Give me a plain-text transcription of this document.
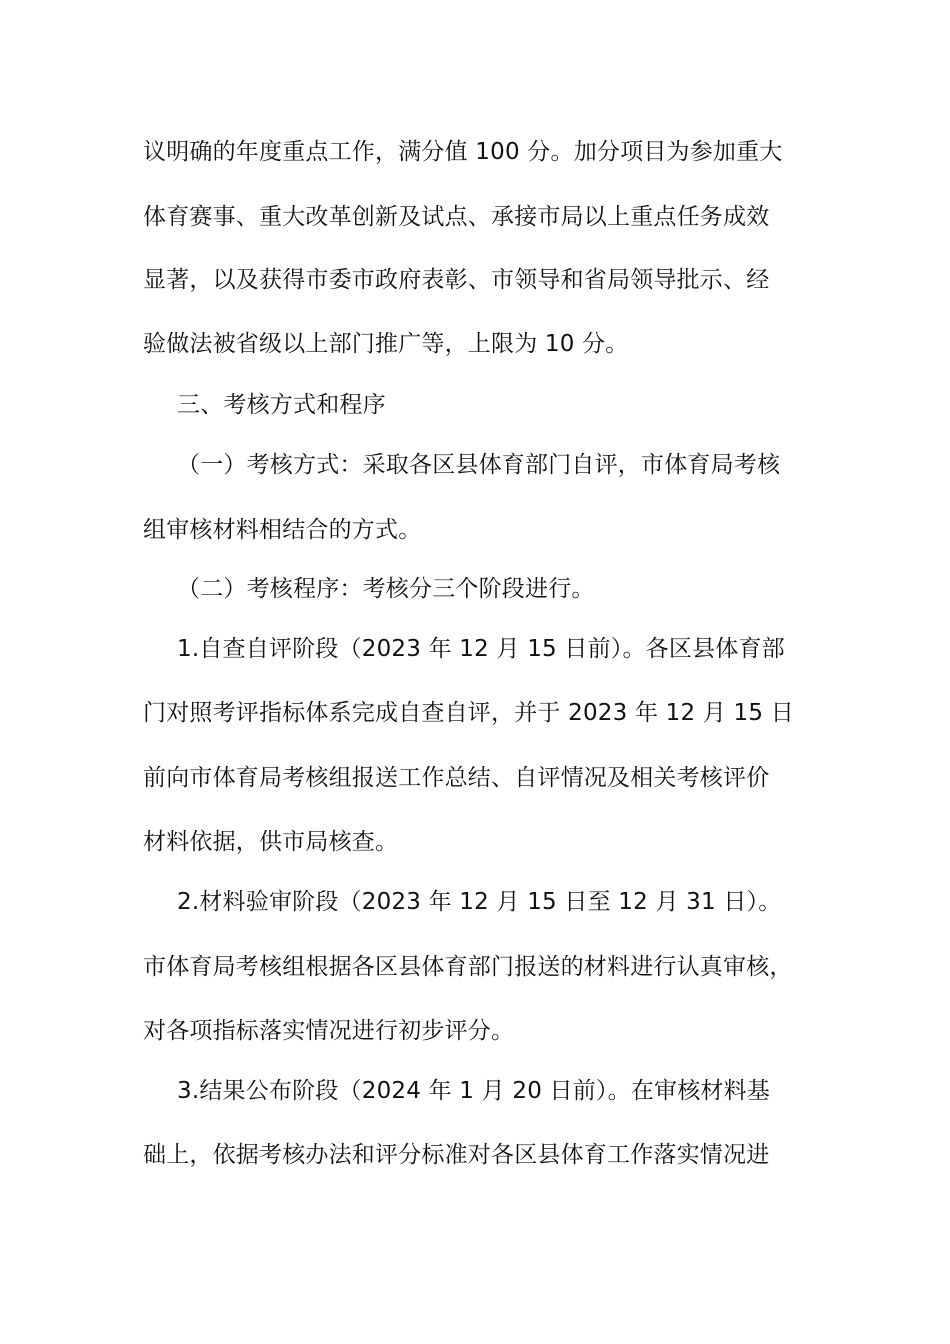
议明确的年度重点工作，满分值 100 分。加分项目为参加重大
体育赛事、重大改革创新及试点、承接市局以上重点任务成效
显著，以及获得市委市政府表彰、市领导和省局领导批示、经
验做法被省级以上部门推广等，上限为 10 分。
三、考核方式和程序
（一）考核方式：采取各区县体育部门自评，市体育局考核
组审核材料相结合的方式。
（二）考核程序：考核分三个阶段进行。
1.自查自评阶段（2023 年 12 月 15 日前）。各区县体育部
门对照考评指标体系完成自查自评，并于 2023 年 12 月 15 日
前向市体育局考核组报送工作总结、自评情况及相关考核评价
材料依据，供市局核查。
2.材料验审阶段（2023 年 12 月 15 日至 12 月 31 日）。
市体育局考核组根据各区县体育部门报送的材料进行认真审核，
对各项指标落实情况进行初步评分。
3.结果公布阶段（2024 年 1 月 20 日前）。在审核材料基
础上，依据考核办法和评分标准对各区县体育工作落实情况进
